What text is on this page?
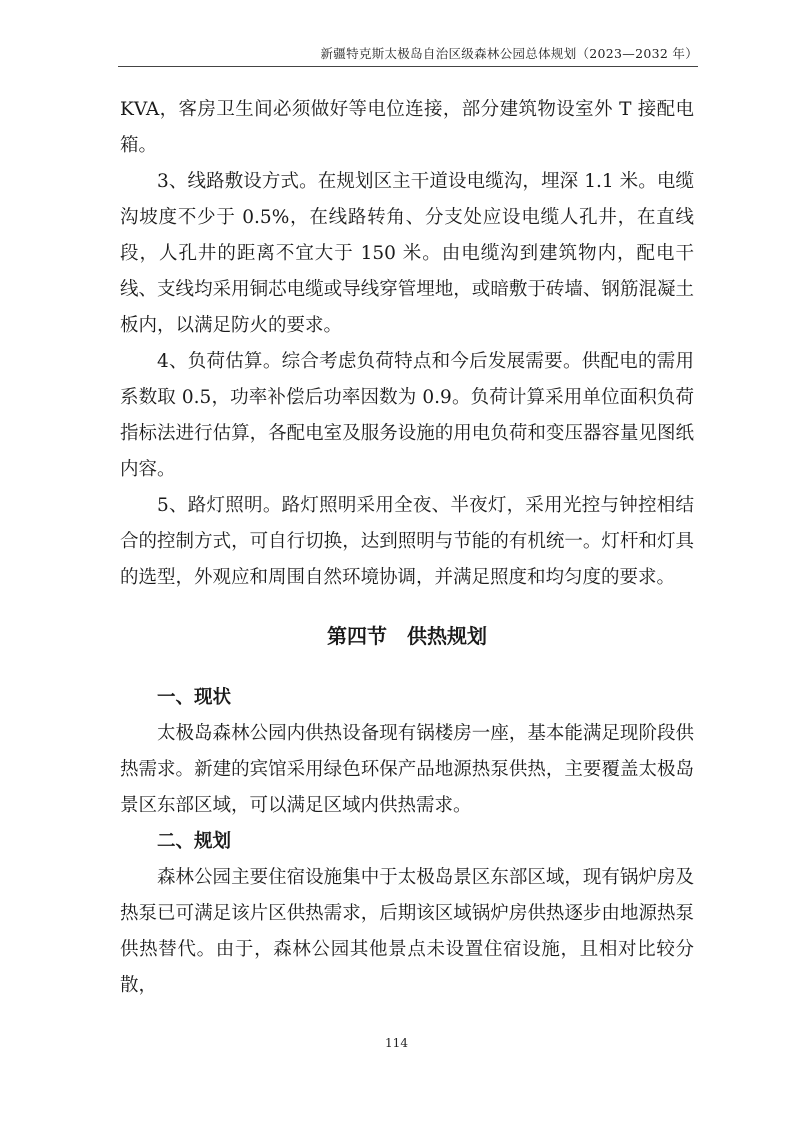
新疆特克斯太极岛自治区级森林公园总体规划（2023—2032 年）

KVA，客房卫生间必须做好等电位连接，部分建筑物设室外 T 接配电箱。

3、线路敷设方式。在规划区主干道设电缆沟，埋深 1.1 米。电缆沟坡度不少于 0.5%，在线路转角、分支处应设电缆人孔井，在直线段，人孔井的距离不宜大于 150 米。由电缆沟到建筑物内，配电干线、支线均采用铜芯电缆或导线穿管埋地，或暗敷于砖墙、钢筋混凝土板内，以满足防火的要求。

4、负荷估算。综合考虑负荷特点和今后发展需要。供配电的需用系数取 0.5，功率补偿后功率因数为 0.9。负荷计算采用单位面积负荷指标法进行估算，各配电室及服务设施的用电负荷和变压器容量见图纸内容。

5、路灯照明。路灯照明采用全夜、半夜灯，采用光控与钟控相结合的控制方式，可自行切换，达到照明与节能的有机统一。灯杆和灯具的选型，外观应和周围自然环境协调，并满足照度和均匀度的要求。

第四节　供热规划

一、现状

太极岛森林公园内供热设备现有锅楼房一座，基本能满足现阶段供热需求。新建的宾馆采用绿色环保产品地源热泵供热，主要覆盖太极岛景区东部区域，可以满足区域内供热需求。

二、规划

森林公园主要住宿设施集中于太极岛景区东部区域，现有锅炉房及热泵已可满足该片区供热需求，后期该区域锅炉房供热逐步由地源热泵供热替代。由于，森林公园其他景点未设置住宿设施，且相对比较分散，

114
